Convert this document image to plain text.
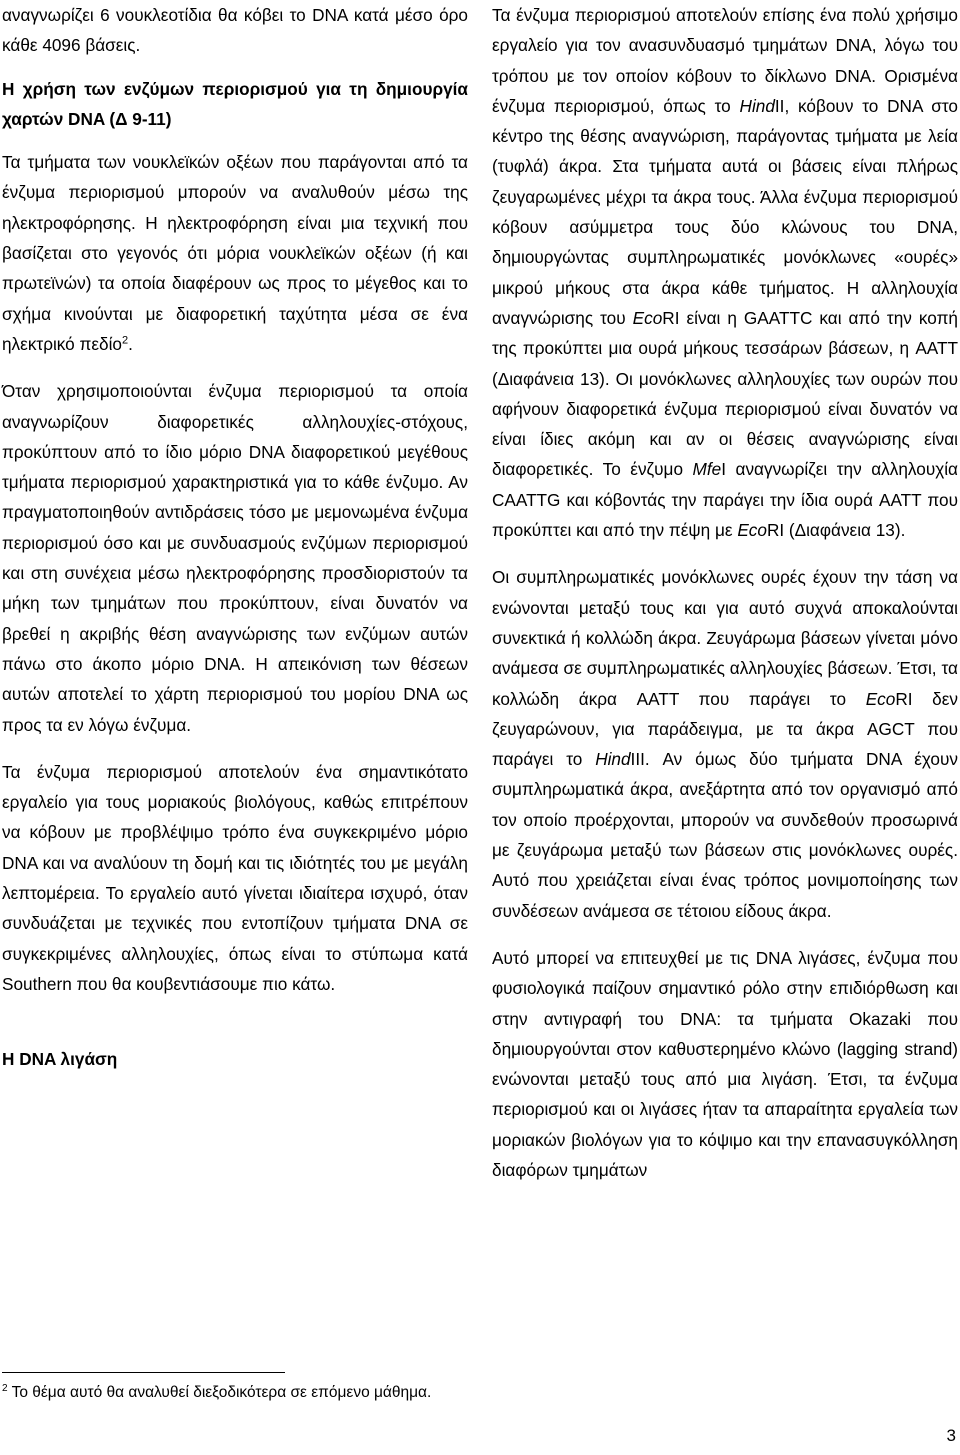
αναγνωρίζει 6 νουκλεοτίδια θα κόβει το DNA κατά μέσο όρο κάθε 4096 βάσεις.

Η χρήση των ενζύμων περιορισμού για τη δημιουργία χαρτών DNA (Δ 9-11)

Τα τμήματα των νουκλεϊκών οξέων που παράγονται από τα ένζυμα περιορισμού μπορούν να αναλυθούν μέσω της ηλεκτροφόρησης. Η ηλεκτροφόρηση είναι μια τεχνική που βασίζεται στο γεγονός ότι μόρια νουκλεϊκών οξέων (ή και πρωτεϊνών) τα οποία διαφέρουν ως προς το μέγεθος και το σχήμα κινούνται με διαφορετική ταχύτητα μέσα σε ένα ηλεκτρικό πεδίο$^2$.

Όταν χρησιμοποιούνται ένζυμα περιορισμού τα οποία αναγνωρίζουν διαφορετικές αλληλουχίες-στόχους, προκύπτουν από το ίδιο μόριο DNA διαφορετικού μεγέθους τμήματα περιορισμού χαρακτηριστικά για το κάθε ένζυμο. Αν πραγματοποιηθούν αντιδράσεις τόσο με μεμονωμένα ένζυμα περιορισμού όσο και με συνδυασμούς ενζύμων περιορισμού και στη συνέχεια μέσω ηλεκτροφόρησης προσδιοριστούν τα μήκη των τμημάτων που προκύπτουν, είναι δυνατόν να βρεθεί η ακριβής θέση αναγνώρισης των ενζύμων αυτών πάνω στο άκοπο μόριο DNA. Η απεικόνιση των θέσεων αυτών αποτελεί το χάρτη περιορισμού του μορίου DNA ως προς τα εν λόγω ένζυμα.

Τα ένζυμα περιορισμού αποτελούν ένα σημαντικότατο εργαλείο για τους μοριακούς βιολόγους, καθώς επιτρέπουν να κόβουν με προβλέψιμο τρόπο ένα συγκεκριμένο μόριο DNA και να αναλύουν τη δομή και τις ιδιότητές του με μεγάλη λεπτομέρεια. Το εργαλείο αυτό γίνεται ιδιαίτερα ισχυρό, όταν συνδυάζεται με τεχνικές που εντοπίζουν τμήματα DNA σε συγκεκριμένες αλληλουχίες, όπως είναι το στύπωμα κατά Southern που θα κουβεντιάσουμε πιο κάτω.

Η DNA λιγάση

Τα ένζυμα περιορισμού αποτελούν επίσης ένα πολύ χρήσιμο εργαλείο για τον ανασυνδυασμό τμημάτων DNA, λόγω του τρόπου με τον οποίον κόβουν το δίκλωνο DNA. Ορισμένα ένζυμα περιορισμού, όπως το HindII, κόβουν το DNA στο κέντρο της θέσης αναγνώριση, παράγοντας τμήματα με λεία (τυφλά) άκρα. Στα τμήματα αυτά οι βάσεις είναι πλήρως ζευγαρωμένες μέχρι τα άκρα τους. Άλλα ένζυμα περιορισμού κόβουν ασύμμετρα τους δύο κλώνους του DNA, δημιουργώντας συμπληρωματικές μονόκλωνες «ουρές» μικρού μήκους στα άκρα κάθε τμήματος. Η αλληλουχία αναγνώρισης του EcoRI είναι η GAATTC και από την κοπή της προκύπτει μια ουρά μήκους τεσσάρων βάσεων, η AATT (Διαφάνεια 13). Οι μονόκλωνες αλληλουχίες των ουρών που αφήνουν διαφορετικά ένζυμα περιορισμού είναι δυνατόν να είναι ίδιες ακόμη και αν οι θέσεις αναγνώρισης είναι διαφορετικές. Το ένζυμο MfeI αναγνωρίζει την αλληλουχία CAATTG και κόβοντάς την παράγει την ίδια ουρά AATT που προκύπτει και από την πέψη με EcoRI (Διαφάνεια 13).

Οι συμπληρωματικές μονόκλωνες ουρές έχουν την τάση να ενώνονται μεταξύ τους και για αυτό συχνά αποκαλούνται συνεκτικά ή κολλώδη άκρα. Ζευγάρωμα βάσεων γίνεται μόνο ανάμεσα σε συμπληρωματικές αλληλουχίες βάσεων. Έτσι, τα κολλώδη άκρα AATT που παράγει το EcoRI δεν ζευγαρώνουν, για παράδειγμα, με τα άκρα AGCT που παράγει το HindIII. Αν όμως δύο τμήματα DNA έχουν συμπληρωματικά άκρα, ανεξάρτητα από τον οργανισμό από τον οποίο προέρχονται, μπορούν να συνδεθούν προσωρινά με ζευγάρωμα μεταξύ των βάσεων στις μονόκλωνες ουρές. Αυτό που χρειάζεται είναι ένας τρόπος μονιμοποίησης των συνδέσεων ανάμεσα σε τέτοιου είδους άκρα.

Αυτό μπορεί να επιτευχθεί με τις DNA λιγάσες, ένζυμα που φυσιολογικά παίζουν σημαντικό ρόλο στην επιδιόρθωση και στην αντιγραφή του DNA: τα τμήματα Okazaki που δημιουργούνται στον καθυστερημένο κλώνο (lagging strand) ενώνονται μεταξύ τους από μια λιγάση. Έτσι, τα ένζυμα περιορισμού και οι λιγάσες ήταν τα απαραίτητα εργαλεία των μοριακών βιολόγων για το κόψιμο και την επανασυγκόλληση διαφόρων τμημάτων

$^2$ Το θέμα αυτό θα αναλυθεί διεξοδικότερα σε επόμενο μάθημα.
3
